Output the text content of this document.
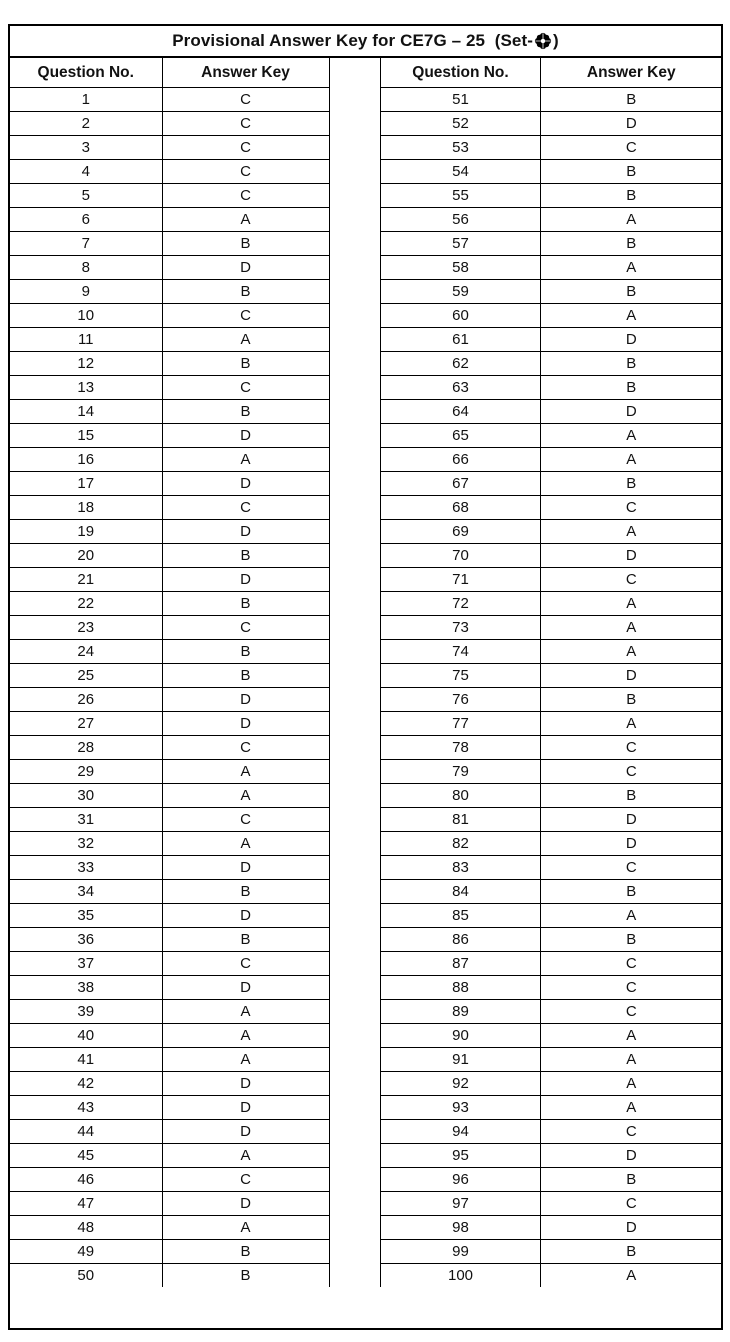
Provisional Answer Key for CE7G – 25  (Set- )
Question No.	Answer Key
1	C
2	C
3	C
4	C
5	C
6	A
7	B
8	D
9	B
10	C
11	A
12	B
13	C
14	B
15	D
16	A
17	D
18	C
19	D
20	B
21	D
22	B
23	C
24	B
25	B
26	D
27	D
28	C
29	A
30	A
31	C
32	A
33	D
34	B
35	D
36	B
37	C
38	D
39	A
40	A
41	A
42	D
43	D
44	D
45	A
46	C
47	D
48	A
49	B
50	B
Question No.	Answer Key
51	B
52	D
53	C
54	B
55	B
56	A
57	B
58	A
59	B
60	A
61	D
62	B
63	B
64	D
65	A
66	A
67	B
68	C
69	A
70	D
71	C
72	A
73	A
74	A
75	D
76	B
77	A
78	C
79	C
80	B
81	D
82	D
83	C
84	B
85	A
86	B
87	C
88	C
89	C
90	A
91	A
92	A
93	A
94	C
95	D
96	B
97	C
98	D
99	B
100	A
